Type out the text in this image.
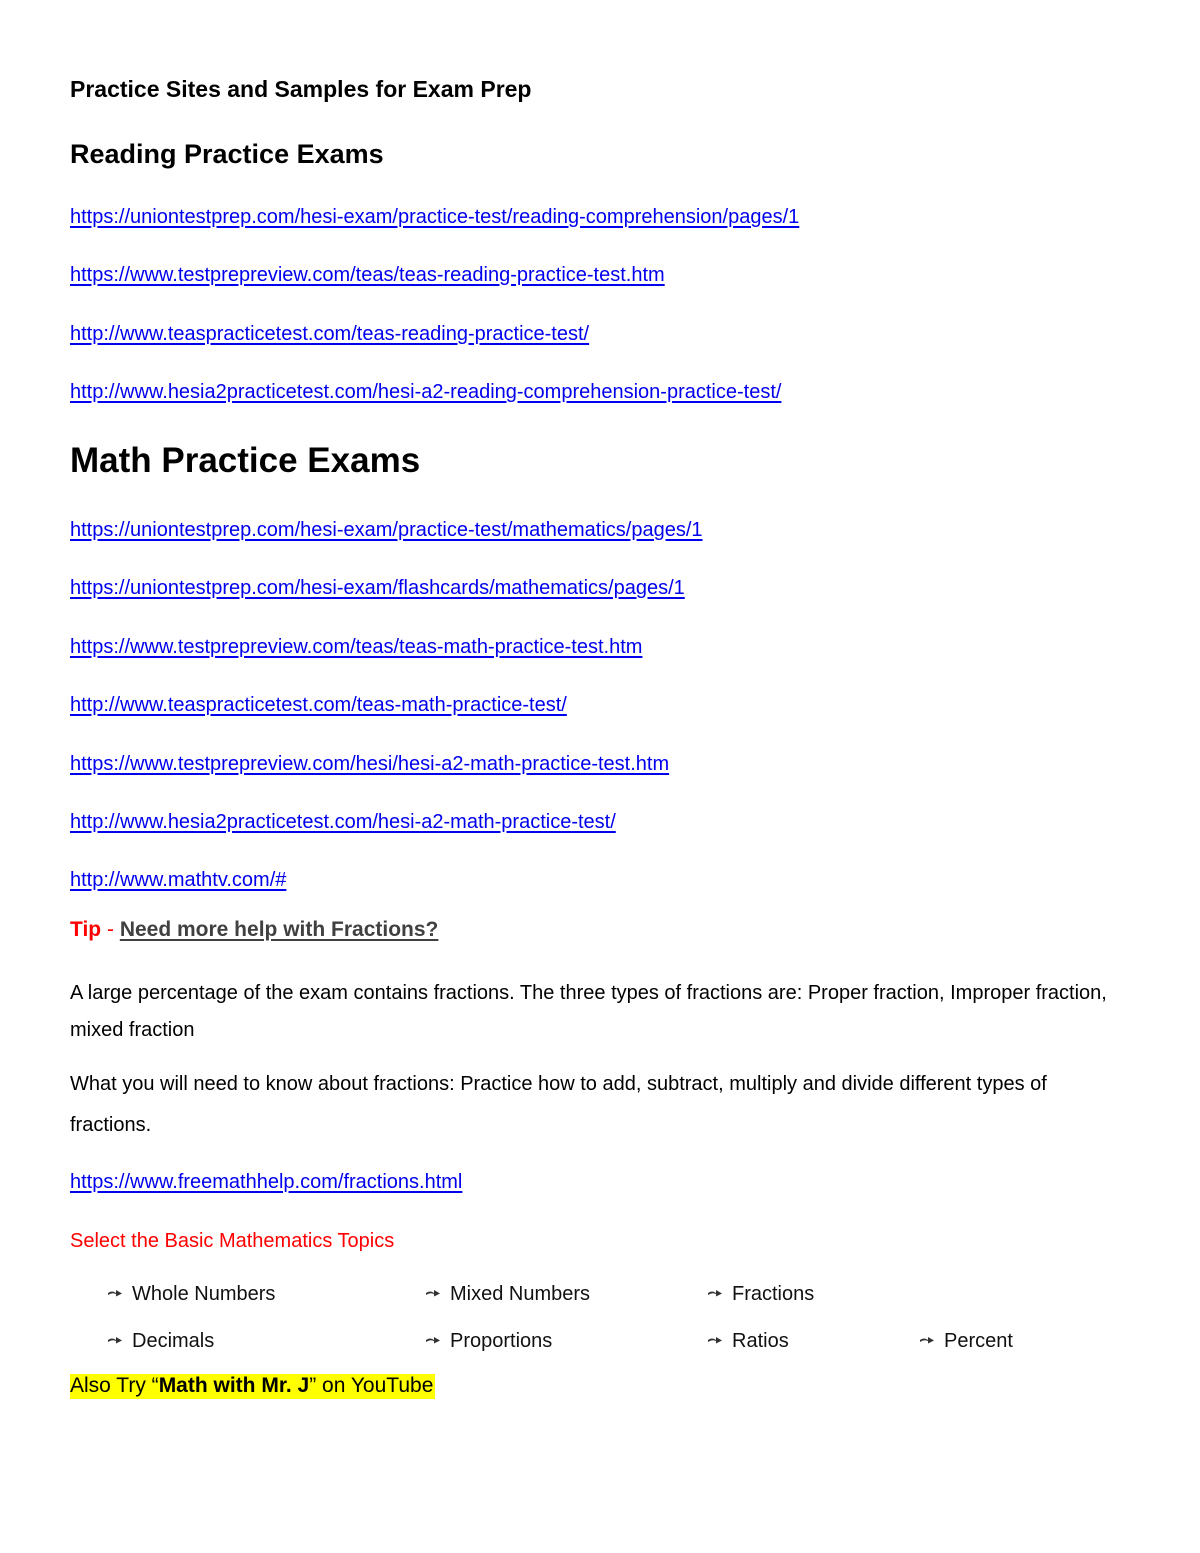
Practice Sites and Samples for Exam Prep
Reading Practice Exams
https://uniontestprep.com/hesi-exam/practice-test/reading-comprehension/pages/1
https://www.testprepreview.com/teas/teas-reading-practice-test.htm
http://www.teaspracticetest.com/teas-reading-practice-test/
http://www.hesia2practicetest.com/hesi-a2-reading-comprehension-practice-test/
Math Practice Exams
https://uniontestprep.com/hesi-exam/practice-test/mathematics/pages/1
https://uniontestprep.com/hesi-exam/flashcards/mathematics/pages/1
https://www.testprepreview.com/teas/teas-math-practice-test.htm
http://www.teaspracticetest.com/teas-math-practice-test/
https://www.testprepreview.com/hesi/hesi-a2-math-practice-test.htm
http://www.hesia2practicetest.com/hesi-a2-math-practice-test/
http://www.mathtv.com/#
Tip - Need more help with Fractions?
A large percentage of the exam contains fractions. The three types of fractions are: Proper fraction, Improper fraction, mixed fraction
What you will need to know about fractions: Practice how to add, subtract, multiply and divide different types of fractions.
https://www.freemathhelp.com/fractions.html
Select the Basic Mathematics Topics
Whole Numbers	Mixed Numbers	Fractions
Decimals	Proportions	Ratios	Percent
Also Try “Math with Mr. J” on YouTube
